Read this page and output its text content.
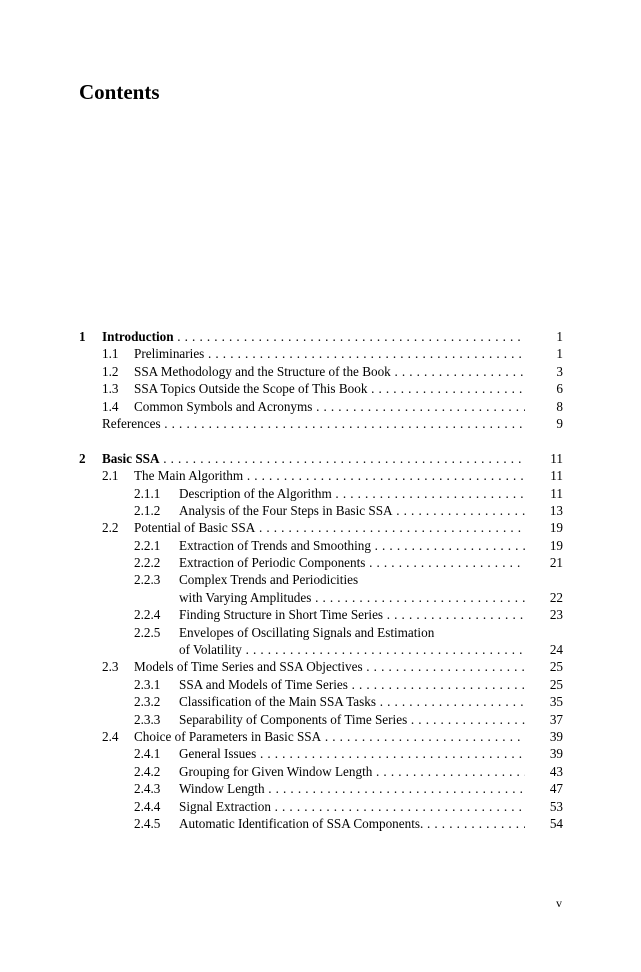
Contents
1 Introduction . . .	1
1.1 Preliminaries . . .	1
1.2 SSA Methodology and the Structure of the Book . . .	3
1.3 SSA Topics Outside the Scope of This Book . . .	6
1.4 Common Symbols and Acronyms . . .	8
References . . .	9
2 Basic SSA . . .	11
2.1 The Main Algorithm . . .	11
2.1.1 Description of the Algorithm . . .	11
2.1.2 Analysis of the Four Steps in Basic SSA . . .	13
2.2 Potential of Basic SSA . . .	19
2.2.1 Extraction of Trends and Smoothing . . .	19
2.2.2 Extraction of Periodic Components . . .	21
2.2.3 Complex Trends and Periodicities
with Varying Amplitudes . . .	22
2.2.4 Finding Structure in Short Time Series . . .	23
2.2.5 Envelopes of Oscillating Signals and Estimation
of Volatility . . .	24
2.3 Models of Time Series and SSA Objectives . . .	25
2.3.1 SSA and Models of Time Series . . .	25
2.3.2 Classification of the Main SSA Tasks . . .	35
2.3.3 Separability of Components of Time Series . . .	37
2.4 Choice of Parameters in Basic SSA . . .	39
2.4.1 General Issues . . .	39
2.4.2 Grouping for Given Window Length . . .	43
2.4.3 Window Length . . .	47
2.4.4 Signal Extraction . . .	53
2.4.5 Automatic Identification of SSA Components. . . .	54
v
